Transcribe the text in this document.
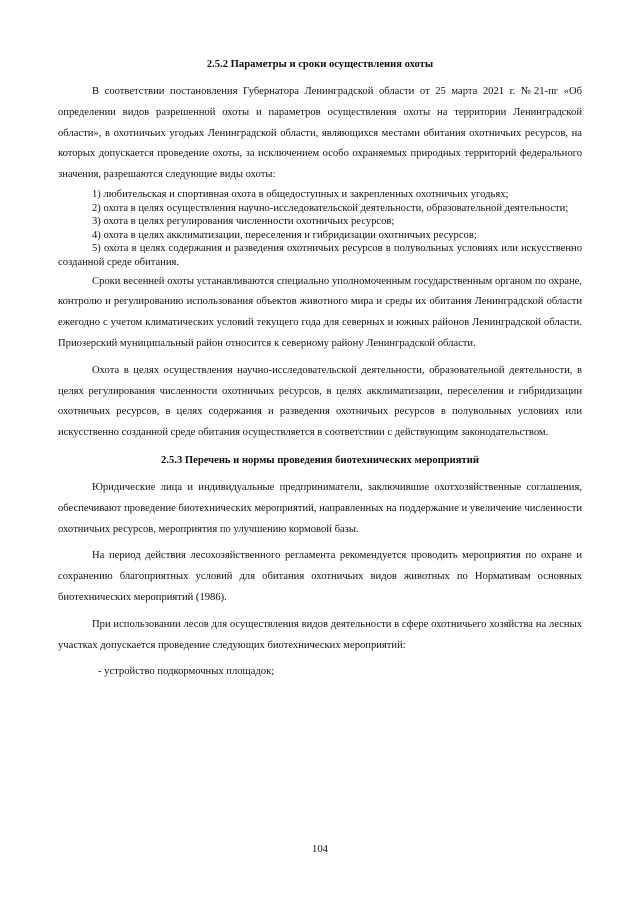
2.5.2 Параметры и сроки осуществления охоты

В соответствии постановления Губернатора Ленинградской области от 25 марта 2021 г. №21-пг «Об определении видов разрешенной охоты и параметров осуществления охоты на территории Ленинградской области», в охотничьих угодьях Ленинградской области, являющихся местами обитания охотничьих ресурсов, на которых допускается проведение охоты, за исключением особо охраняемых природных территорий федерального значения, разрешаются следующие виды охоты:

1) любительская и спортивная охота в общедоступных и закрепленных охотничьих угодьях;

2) охота в целях осуществления научно-исследовательской деятельности, образовательной деятельности;

3) охота в целях регулирования численности охотничьих ресурсов;

4) охота в целях акклиматизации, переселения и гибридизации охотничьих ресурсов;

5) охота в целях содержания и разведения охотничьих ресурсов в полувольных условиях или искусственно созданной среде обитания.

Сроки весенней охоты устанавливаются специально уполномоченным государственным органом по охране, контролю и регулированию использования объектов животного мира и среды их обитания Ленинградской области ежегодно с учетом климатических условий текущего года для северных и южных районов Ленинградской области. Приозерский муниципальный район относится к северному району Ленинградской области.

Охота в целях осуществления научно-исследовательской деятельности, образовательной деятельности, в целях регулирования численности охотничьих ресурсов, в целях акклиматизации, переселения и гибридизации охотничьих ресурсов, в целях содержания и разведения охотничьих ресурсов в полувольных условиях или искусственно созданной среде обитания осуществляется в соответствии с действующим законодательством.

2.5.3 Перечень и нормы проведения биотехнических мероприятий

Юридические лица и индивидуальные предприниматели, заключившие охотхозяйственные соглашения, обеспечивают проведение биотехнических мероприятий, направленных на поддержание и увеличение численности охотничьих ресурсов, мероприятия по улучшению кормовой базы.

На период действия лесохозяйственного регламента рекомендуется проводить мероприятия по охране и сохранению благоприятных условий для обитания охотничьих видов животных по Нормативам основных биотехнических мероприятий (1986).

При использовании лесов для осуществления видов деятельности в сфере охотничьего хозяйства на лесных участках допускается проведение следующих биотехнических мероприятий:

- устройство подкормочных площадок;

104
